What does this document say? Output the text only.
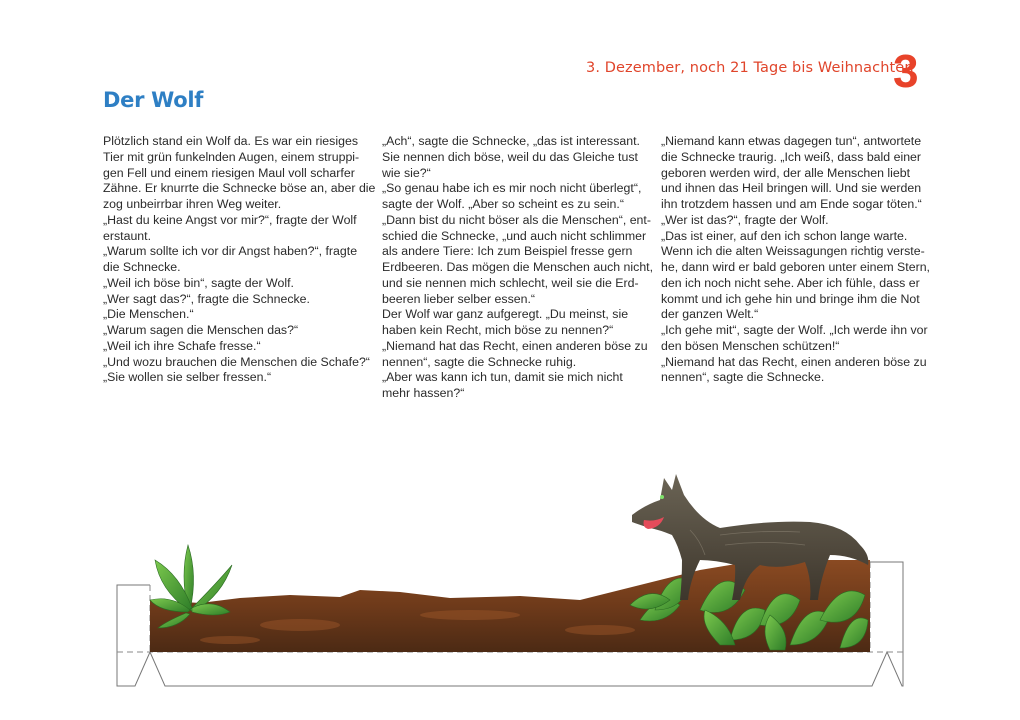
3. Dezember, noch 21 Tage bis Weihnachten
3
Der Wolf

Plötzlich stand ein Wolf da. Es war ein riesiges

Tier mit grün funkelnden Augen, einem struppi-

gen Fell und einem riesigen Maul voll scharfer

Zähne. Er knurrte die Schnecke böse an, aber die

zog unbeirrbar ihren Weg weiter.

„Hast du keine Angst vor mir?“, fragte der Wolf

erstaunt.

„Warum sollte ich vor dir Angst haben?“, fragte

die Schnecke.

„Weil ich böse bin“, sagte der Wolf.

„Wer sagt das?“, fragte die Schnecke.

„Die Menschen.“

„Warum sagen die Menschen das?“

„Weil ich ihre Schafe fresse.“

„Und wozu brauchen die Menschen die Schafe?“

„Sie wollen sie selber fressen.“

„Ach“, sagte die Schnecke, „das ist interessant.

Sie nennen dich böse, weil du das Gleiche tust

wie sie?“

„So genau habe ich es mir noch nicht überlegt“,

sagte der Wolf. „Aber so scheint es zu sein.“

„Dann bist du nicht böser als die Menschen“, ent-

schied die Schnecke, „und auch nicht schlimmer

als andere Tiere: Ich zum Beispiel fresse gern

Erdbeeren. Das mögen die Menschen auch nicht,

und sie nennen mich schlecht, weil sie die Erd-

beeren lieber selber essen.“

Der Wolf war ganz aufgeregt. „Du meinst, sie

haben kein Recht, mich böse zu nennen?“

„Niemand hat das Recht, einen anderen böse zu

nennen“, sagte die Schnecke ruhig.

„Aber was kann ich tun, damit sie mich nicht

mehr hassen?“

„Niemand kann etwas dagegen tun“, antwortete

die Schnecke traurig. „Ich weiß, dass bald einer

geboren werden wird, der alle Menschen liebt

und ihnen das Heil bringen will. Und sie werden

ihn trotzdem hassen und am Ende sogar töten.“

„Wer ist das?“, fragte der Wolf.

„Das ist einer, auf den ich schon lange warte.

Wenn ich die alten Weissagungen richtig verste-

he, dann wird er bald geboren unter einem Stern,

den ich noch nicht sehe. Aber ich fühle, dass er

kommt und ich gehe hin und bringe ihm die Not

der ganzen Welt.“

„Ich gehe mit“, sagte der Wolf. „Ich werde ihn vor

den bösen Menschen schützen!“

„Niemand hat das Recht, einen anderen böse zu

nennen“, sagte die Schnecke.
